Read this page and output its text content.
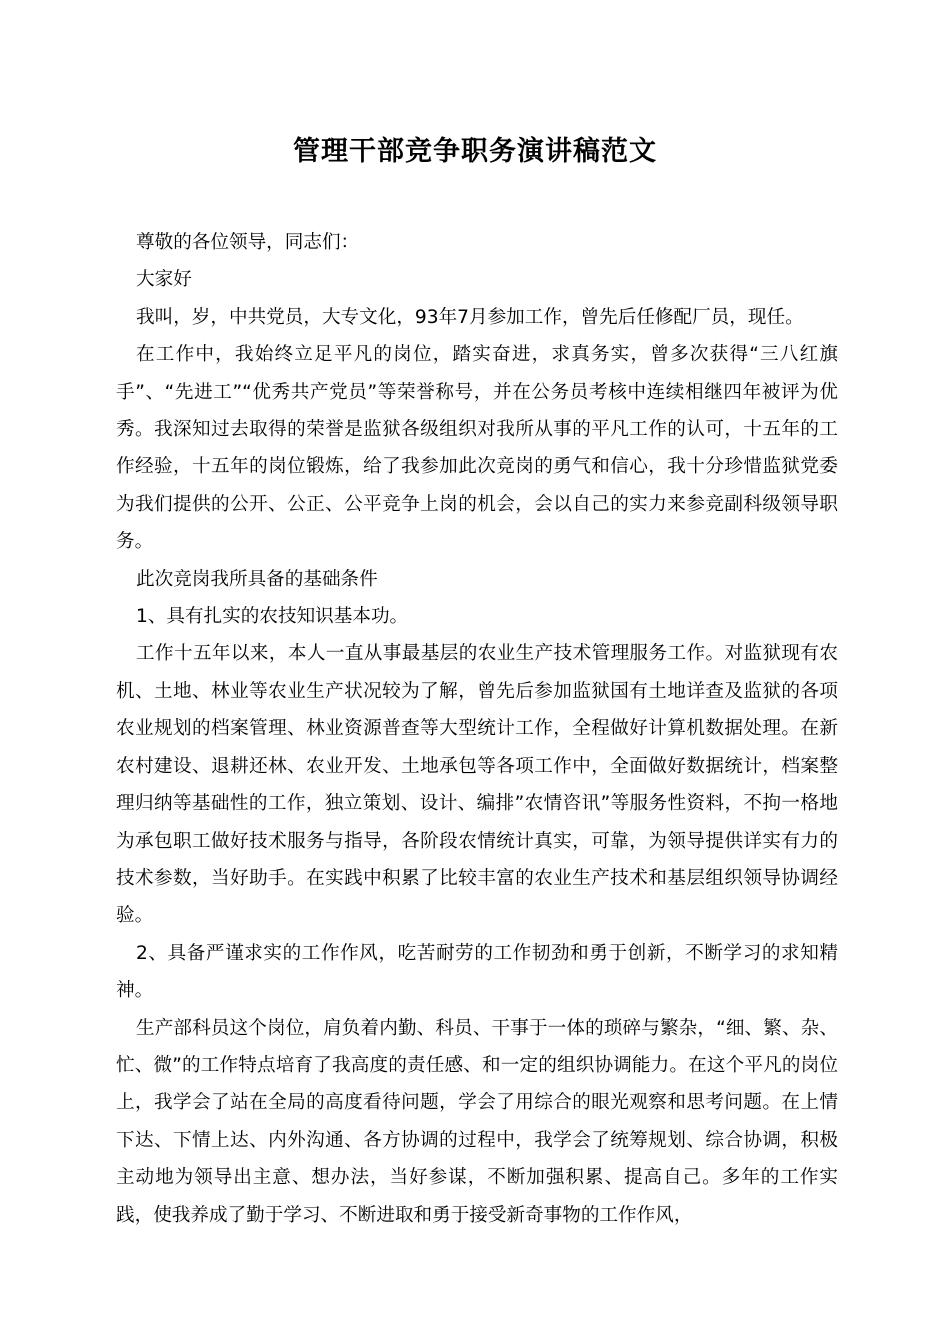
管理干部竞争职务演讲稿范文

尊敬的各位领导，同志们：

大家好

我叫，岁，中共党员，大专文化，93年7月参加工作，曾先后任修配厂员，现任。

在工作中，我始终立足平凡的岗位，踏实奋进，求真务实，曾多次获得“三八红旗手”、“先进工”“优秀共产党员”等荣誉称号，并在公务员考核中连续相继四年被评为优秀。我深知过去取得的荣誉是监狱各级组织对我所从事的平凡工作的认可，十五年的工作经验，十五年的岗位锻炼，给了我参加此次竞岗的勇气和信心，我十分珍惜监狱党委为我们提供的公开、公正、公平竞争上岗的机会，会以自己的实力来参竞副科级领导职务。

此次竞岗我所具备的基础条件

1、具有扎实的农技知识基本功。

工作十五年以来，本人一直从事最基层的农业生产技术管理服务工作。对监狱现有农机、土地、林业等农业生产状况较为了解，曾先后参加监狱国有土地详查及监狱的各项农业规划的档案管理、林业资源普查等大型统计工作，全程做好计算机数据处理。在新农村建设、退耕还林、农业开发、土地承包等各项工作中，全面做好数据统计，档案整理归纳等基础性的工作，独立策划、设计、编排”农情咨讯”等服务性资料，不拘一格地为承包职工做好技术服务与指导，各阶段农情统计真实，可靠，为领导提供详实有力的技术参数，当好助手。在实践中积累了比较丰富的农业生产技术和基层组织领导协调经验。

2、具备严谨求实的工作作风，吃苦耐劳的工作韧劲和勇于创新，不断学习的求知精神。

生产部科员这个岗位，肩负着内勤、科员、干事于一体的琐碎与繁杂，“细、繁、杂、忙、微”的工作特点培育了我高度的责任感、和一定的组织协调能力。在这个平凡的岗位上，我学会了站在全局的高度看待问题，学会了用综合的眼光观察和思考问题。在上情下达、下情上达、内外沟通、各方协调的过程中，我学会了统筹规划、综合协调，积极主动地为领导出主意、想办法，当好参谋，不断加强积累、提高自己。多年的工作实践，使我养成了勤于学习、不断进取和勇于接受新奇事物的工作作风，
